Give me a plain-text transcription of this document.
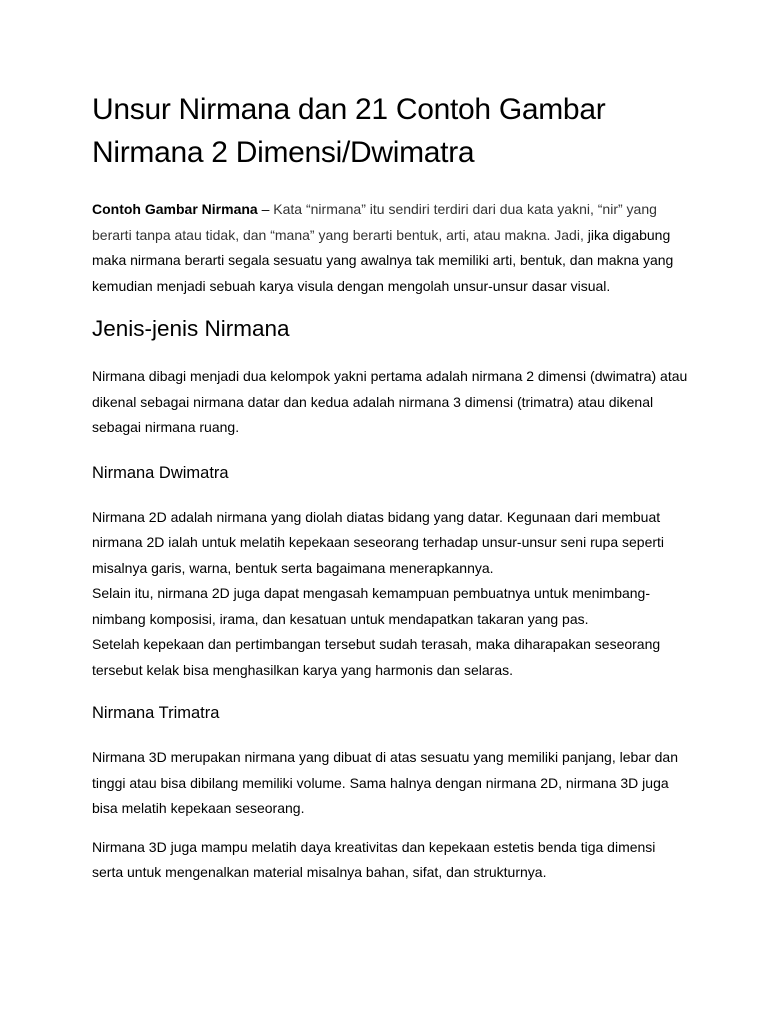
Unsur Nirmana dan 21 Contoh Gambar Nirmana 2 Dimensi/Dwimatra

Contoh Gambar Nirmana – Kata “nirmana” itu sendiri terdiri dari dua kata yakni, “nir” yang berarti tanpa atau tidak, dan “mana” yang berarti bentuk, arti, atau makna. Jadi, jika digabung maka nirmana berarti segala sesuatu yang awalnya tak memiliki arti, bentuk, dan makna yang kemudian menjadi sebuah karya visula dengan mengolah unsur-unsur dasar visual.

Jenis-jenis Nirmana

Nirmana dibagi menjadi dua kelompok yakni pertama adalah nirmana 2 dimensi (dwimatra) atau dikenal sebagai nirmana datar dan kedua adalah nirmana 3 dimensi (trimatra) atau dikenal sebagai nirmana ruang.

Nirmana Dwimatra

Nirmana 2D adalah nirmana yang diolah diatas bidang yang datar. Kegunaan dari membuat nirmana 2D ialah untuk melatih kepekaan seseorang terhadap unsur-unsur seni rupa seperti misalnya garis, warna, bentuk serta bagaimana menerapkannya.

Selain itu, nirmana 2D juga dapat mengasah kemampuan pembuatnya untuk menimbang-nimbang komposisi, irama, dan kesatuan untuk mendapatkan takaran yang pas.

Setelah kepekaan dan pertimbangan tersebut sudah terasah, maka diharapakan seseorang tersebut kelak bisa menghasilkan karya yang harmonis dan selaras.

Nirmana Trimatra

Nirmana 3D merupakan nirmana yang dibuat di atas sesuatu yang memiliki panjang, lebar dan tinggi atau bisa dibilang memiliki volume. Sama halnya dengan nirmana 2D, nirmana 3D juga bisa melatih kepekaan seseorang.

Nirmana 3D juga mampu melatih daya kreativitas dan kepekaan estetis benda tiga dimensi serta untuk mengenalkan material misalnya bahan, sifat, dan strukturnya.
